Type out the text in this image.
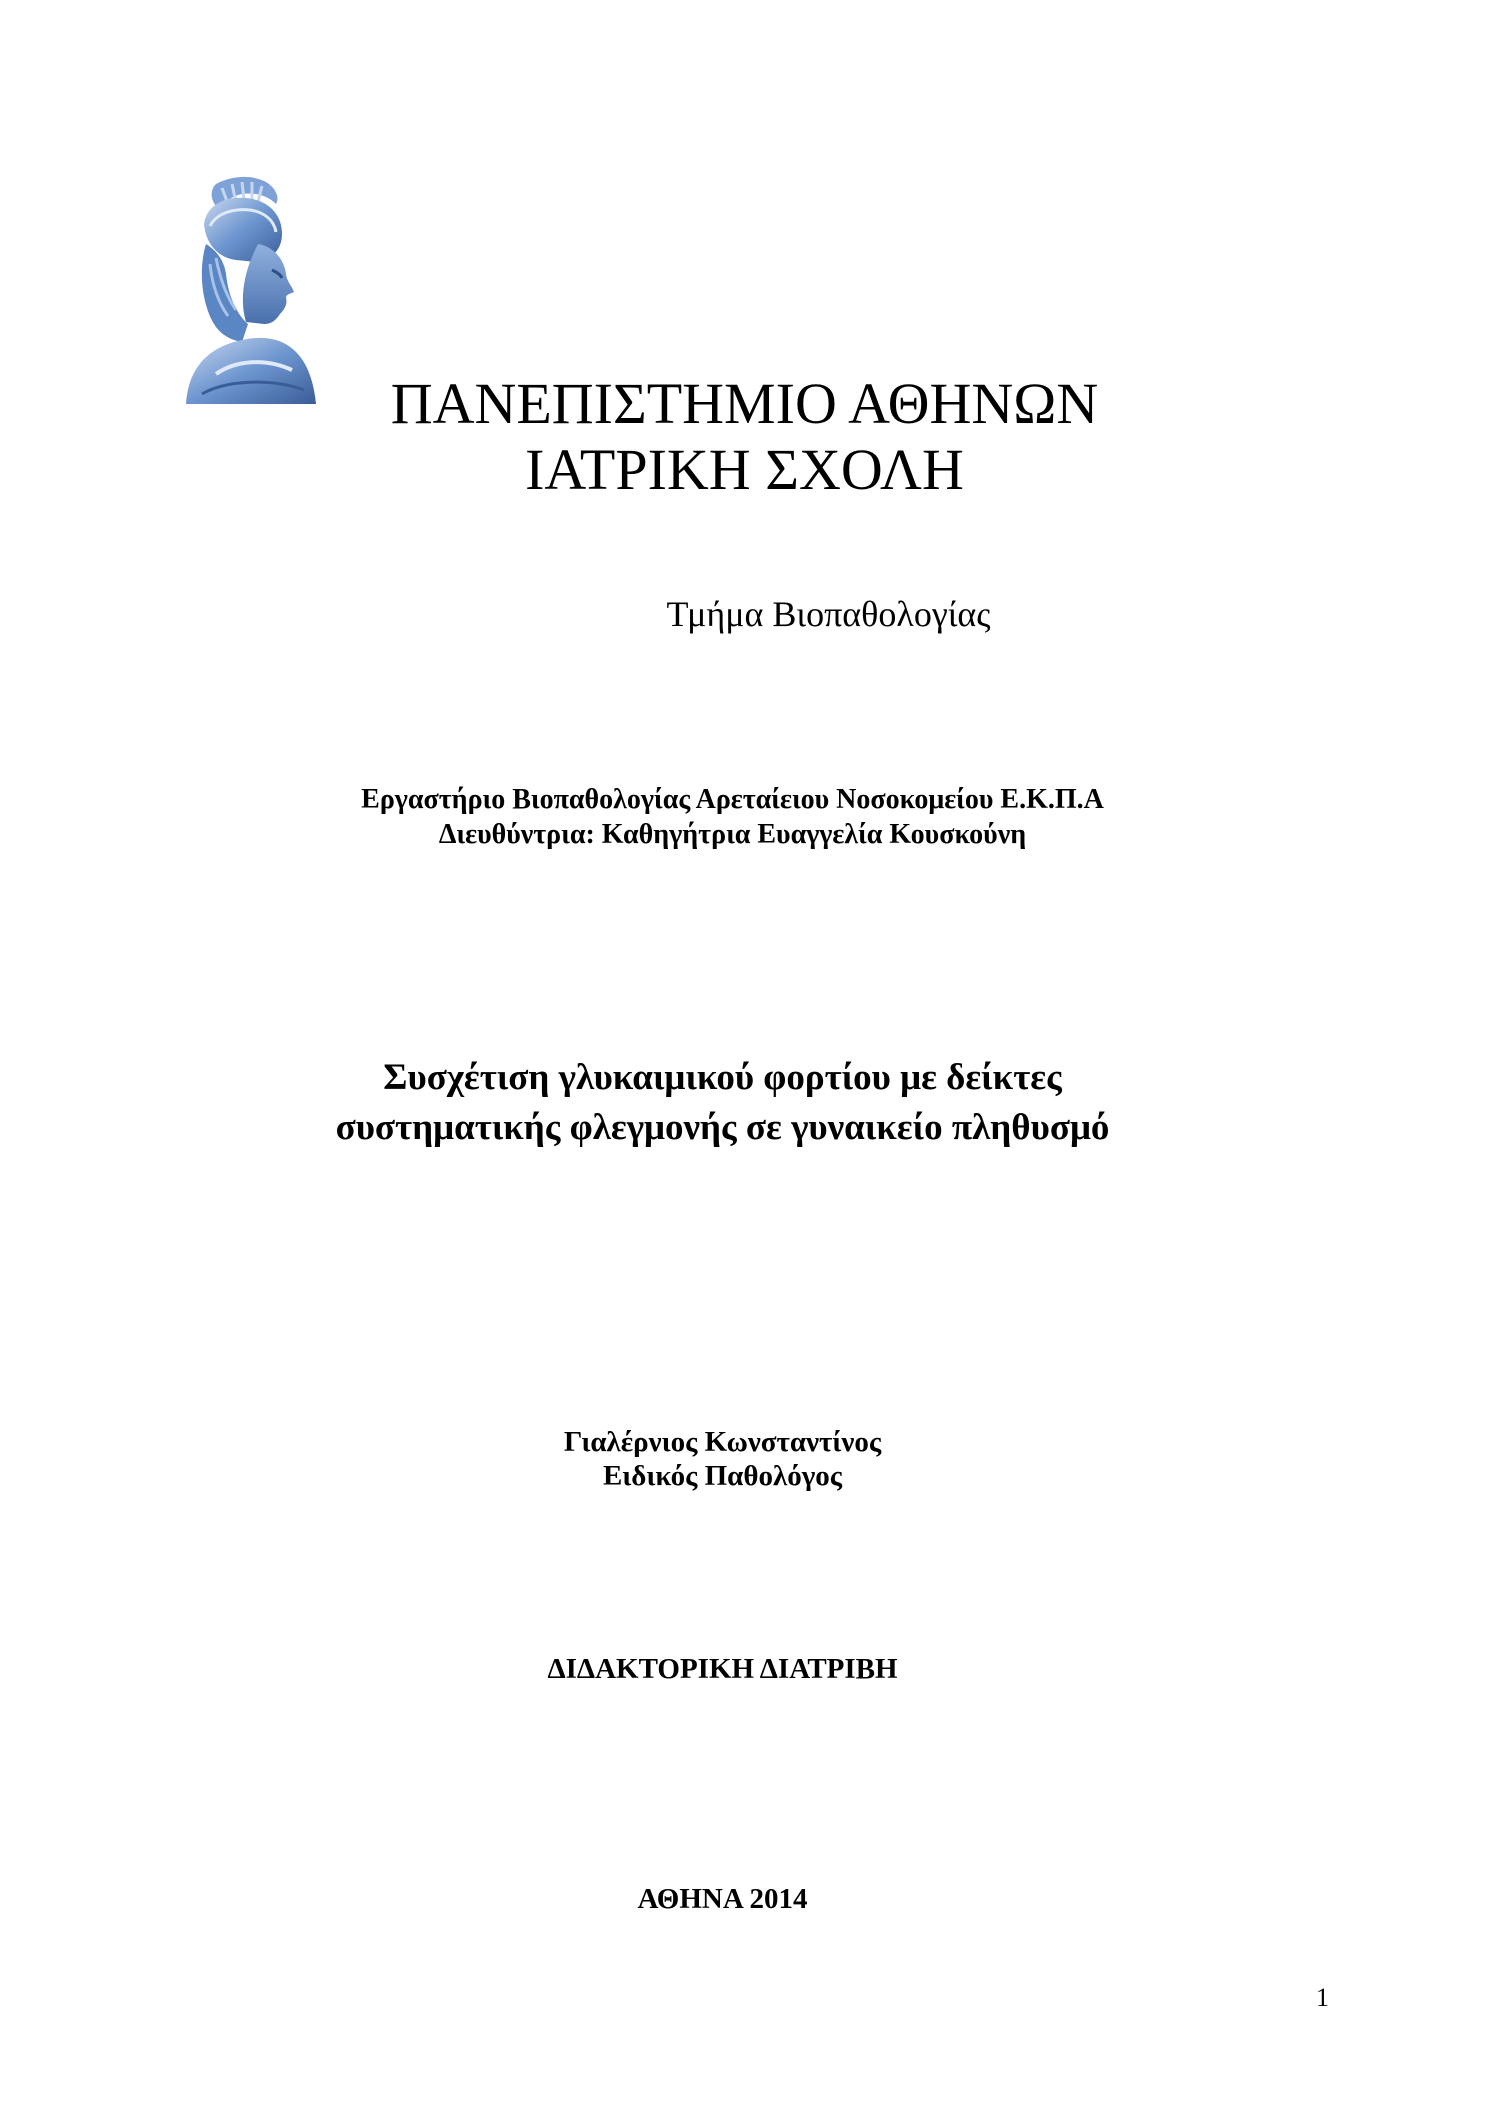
ΠΑΝΕΠΙΣΤΗΜΙΟ ΑΘΗΝΩΝ
ΙΑΤΡΙΚΗ ΣΧΟΛΗ
Τμήμα Βιοπαθολογίας
Εργαστήριο Βιοπαθολογίας Αρεταίειου Νοσοκομείου Ε.Κ.Π.Α
Διευθύντρια: Καθηγήτρια Ευαγγελία Κουσκούνη
Συσχέτιση γλυκαιμικού φορτίου με δείκτες
συστηματικής φλεγμονής σε γυναικείο πληθυσμό
Γιαλέρνιος Κωνσταντίνος
Ειδικός Παθολόγος
ΔΙΔΑΚΤΟΡΙΚΗ ΔΙΑΤΡΙΒΗ
ΑΘΗΝΑ 2014
1
